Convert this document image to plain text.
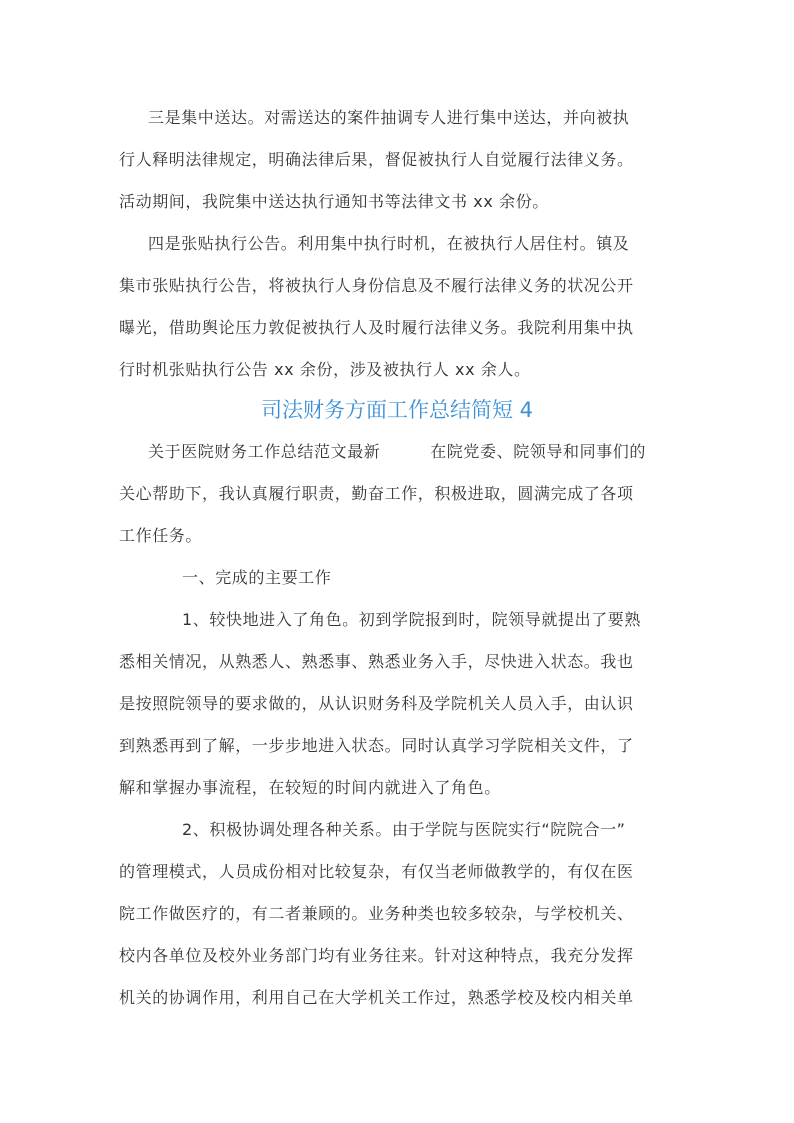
三是集中送达。对需送达的案件抽调专人进行集中送达，并向被执
行人释明法律规定，明确法律后果，督促被执行人自觉履行法律义务。
活动期间，我院集中送达执行通知书等法律文书 xx 余份。
四是张贴执行公告。利用集中执行时机，在被执行人居住村。镇及
集市张贴执行公告，将被执行人身份信息及不履行法律义务的状况公开
曝光，借助舆论压力敦促被执行人及时履行法律义务。我院利用集中执
行时机张贴执行公告 xx 余份，涉及被执行人 xx 余人。
司法财务方面工作总结简短 4
关于医院财务工作总结范文最新　　　在院党委、院领导和同事们的
关心帮助下，我认真履行职责，勤奋工作，积极进取，圆满完成了各项
工作任务。
一、完成的主要工作
1、较快地进入了角色。初到学院报到时，院领导就提出了要熟
悉相关情况，从熟悉人、熟悉事、熟悉业务入手，尽快进入状态。我也
是按照院领导的要求做的，从认识财务科及学院机关人员入手，由认识
到熟悉再到了解，一步步地进入状态。同时认真学习学院相关文件，了
解和掌握办事流程，在较短的时间内就进入了角色。
2、积极协调处理各种关系。由于学院与医院实行“院院合一”
的管理模式，人员成份相对比较复杂，有仅当老师做教学的，有仅在医
院工作做医疗的，有二者兼顾的。业务种类也较多较杂，与学校机关、
校内各单位及校外业务部门均有业务往来。针对这种特点，我充分发挥
机关的协调作用，利用自己在大学机关工作过，熟悉学校及校内相关单
